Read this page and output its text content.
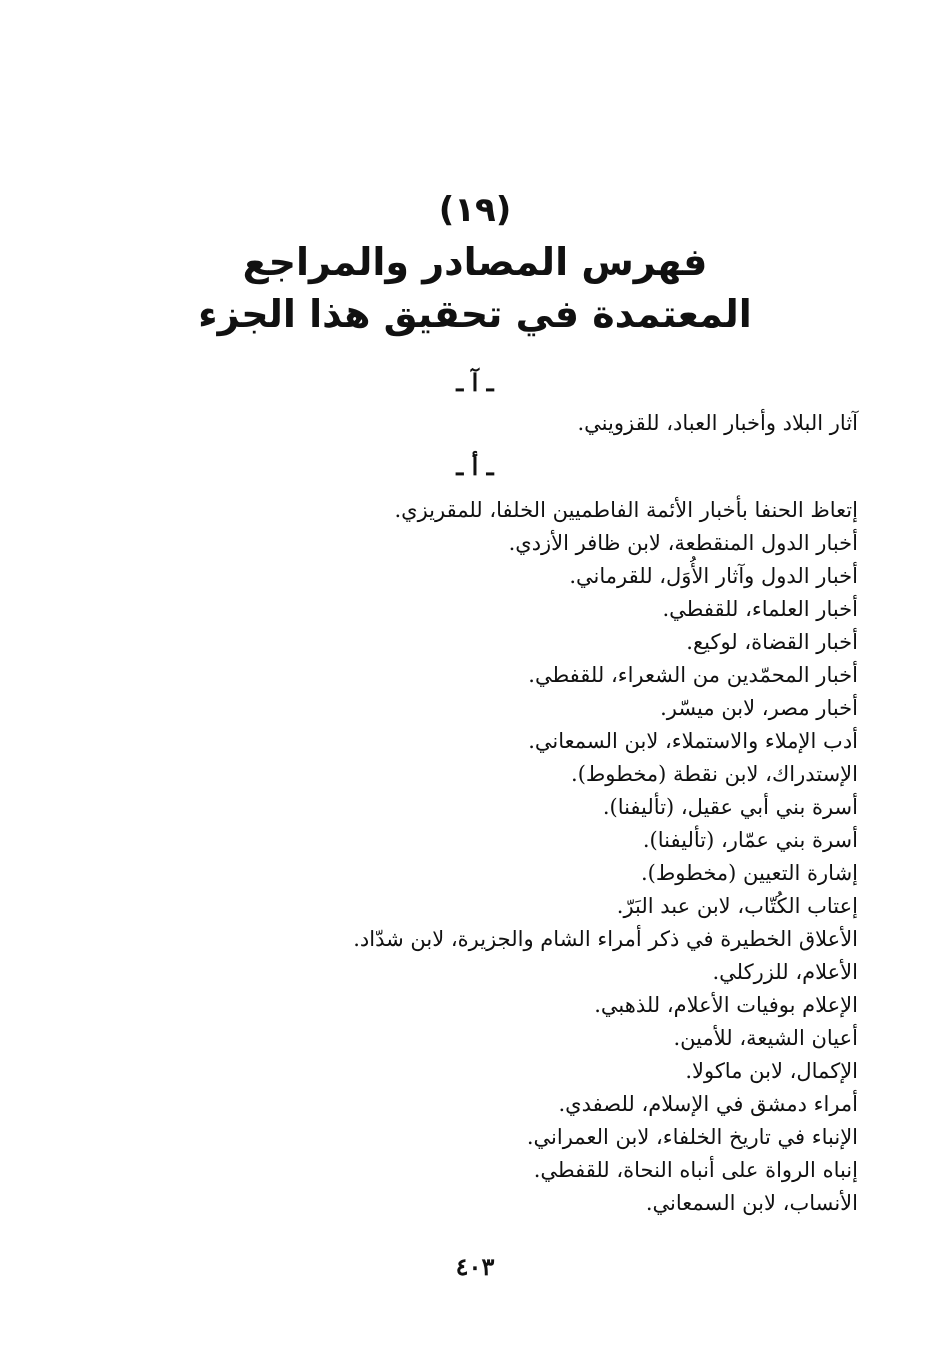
(١٩)
فهرس المصادر والمراجع
المعتمدة في تحقيق هذا الجزء
ـ آ ـ
آثار البلاد وأخبار العباد، للقزويني.
ـ أ ـ
إتعاظ الحنفا بأخبار الأئمة الفاطميين الخلفا، للمقريزي.
أخبار الدول المنقطعة، لابن ظافر الأزدي.
أخبار الدول وآثار الأُوَل، للقرماني.
أخبار العلماء، للقفطي.
أخبار القضاة، لوكيع.
أخبار المحمّدين من الشعراء، للقفطي.
أخبار مصر، لابن ميسّر.
أدب الإملاء والاستملاء، لابن السمعاني.
الإستدراك، لابن نقطة (مخطوط).
أسرة بني أبي عقيل، (تأليفنا).
أسرة بني عمّار، (تأليفنا).
إشارة التعيين (مخطوط).
إعتاب الكُتّاب، لابن عبد البَرّ.
الأعلاق الخطيرة في ذكر أمراء الشام والجزيرة، لابن شدّاد.
الأعلام، للزركلي.
الإعلام بوفيات الأعلام، للذهبي.
أعيان الشيعة، للأمين.
الإكمال، لابن ماكولا.
أمراء دمشق في الإسلام، للصفدي.
الإنباء في تاريخ الخلفاء، لابن العمراني.
إنباه الرواة على أنباه النحاة، للقفطي.
الأنساب، لابن السمعاني.
٤٠٣
